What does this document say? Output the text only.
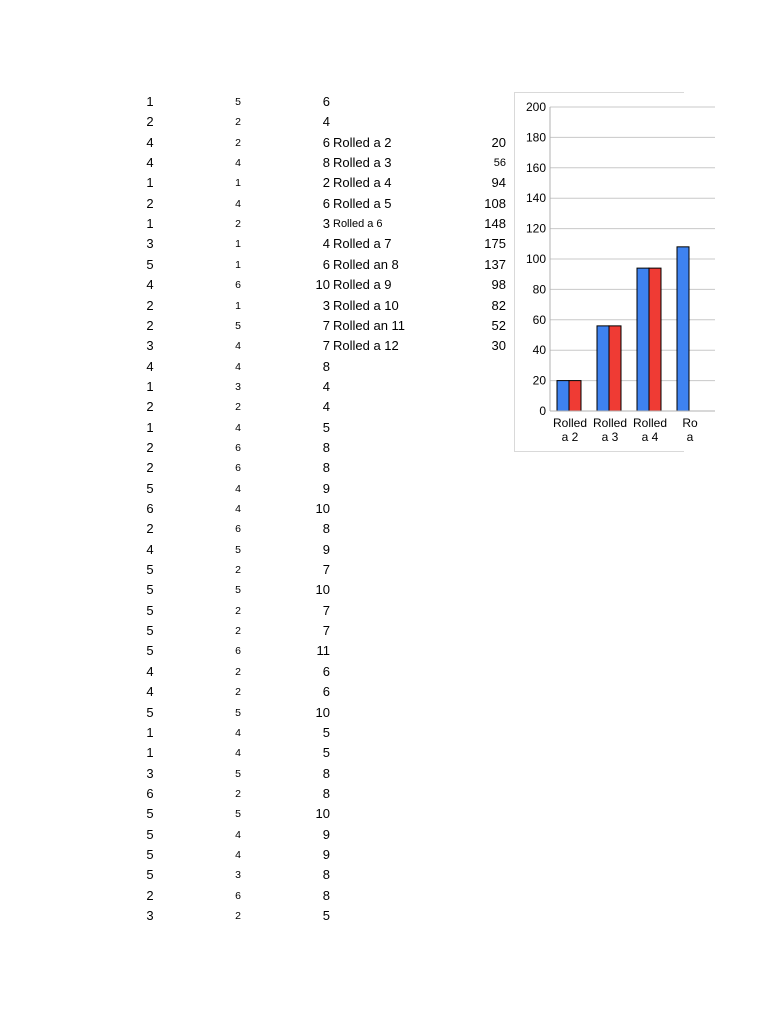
1	5	6
2	2	4
4	2	6 Rolled a 2	20
4	4	8 Rolled a 3	56
1	1	2 Rolled a 4	94
2	4	6 Rolled a 5	108
1	2	3 Rolled a 6	148
3	1	4 Rolled a 7	175
5	1	6 Rolled an 8	137
4	6	10 Rolled a 9	98
2	1	3 Rolled a 10	82
2	5	7 Rolled an 11	52
3	4	7 Rolled a 12	30
4	4	8
1	3	4
2	2	4
1	4	5
2	6	8
2	6	8
5	4	9
6	4	10
2	6	8
4	5	9
5	2	7
5	5	10
5	2	7
5	2	7
5	6	11
4	2	6
4	2	6
5	5	10
1	4	5
1	4	5
3	5	8
6	2	8
5	5	10
5	4	9
5	4	9
5	3	8
2	6	8
3	2	5
0
20
40
60
80
100
120
140
160
180
200
Rolled
a 2
Rolled
a 3
Rolled
a 4
Ro
a
